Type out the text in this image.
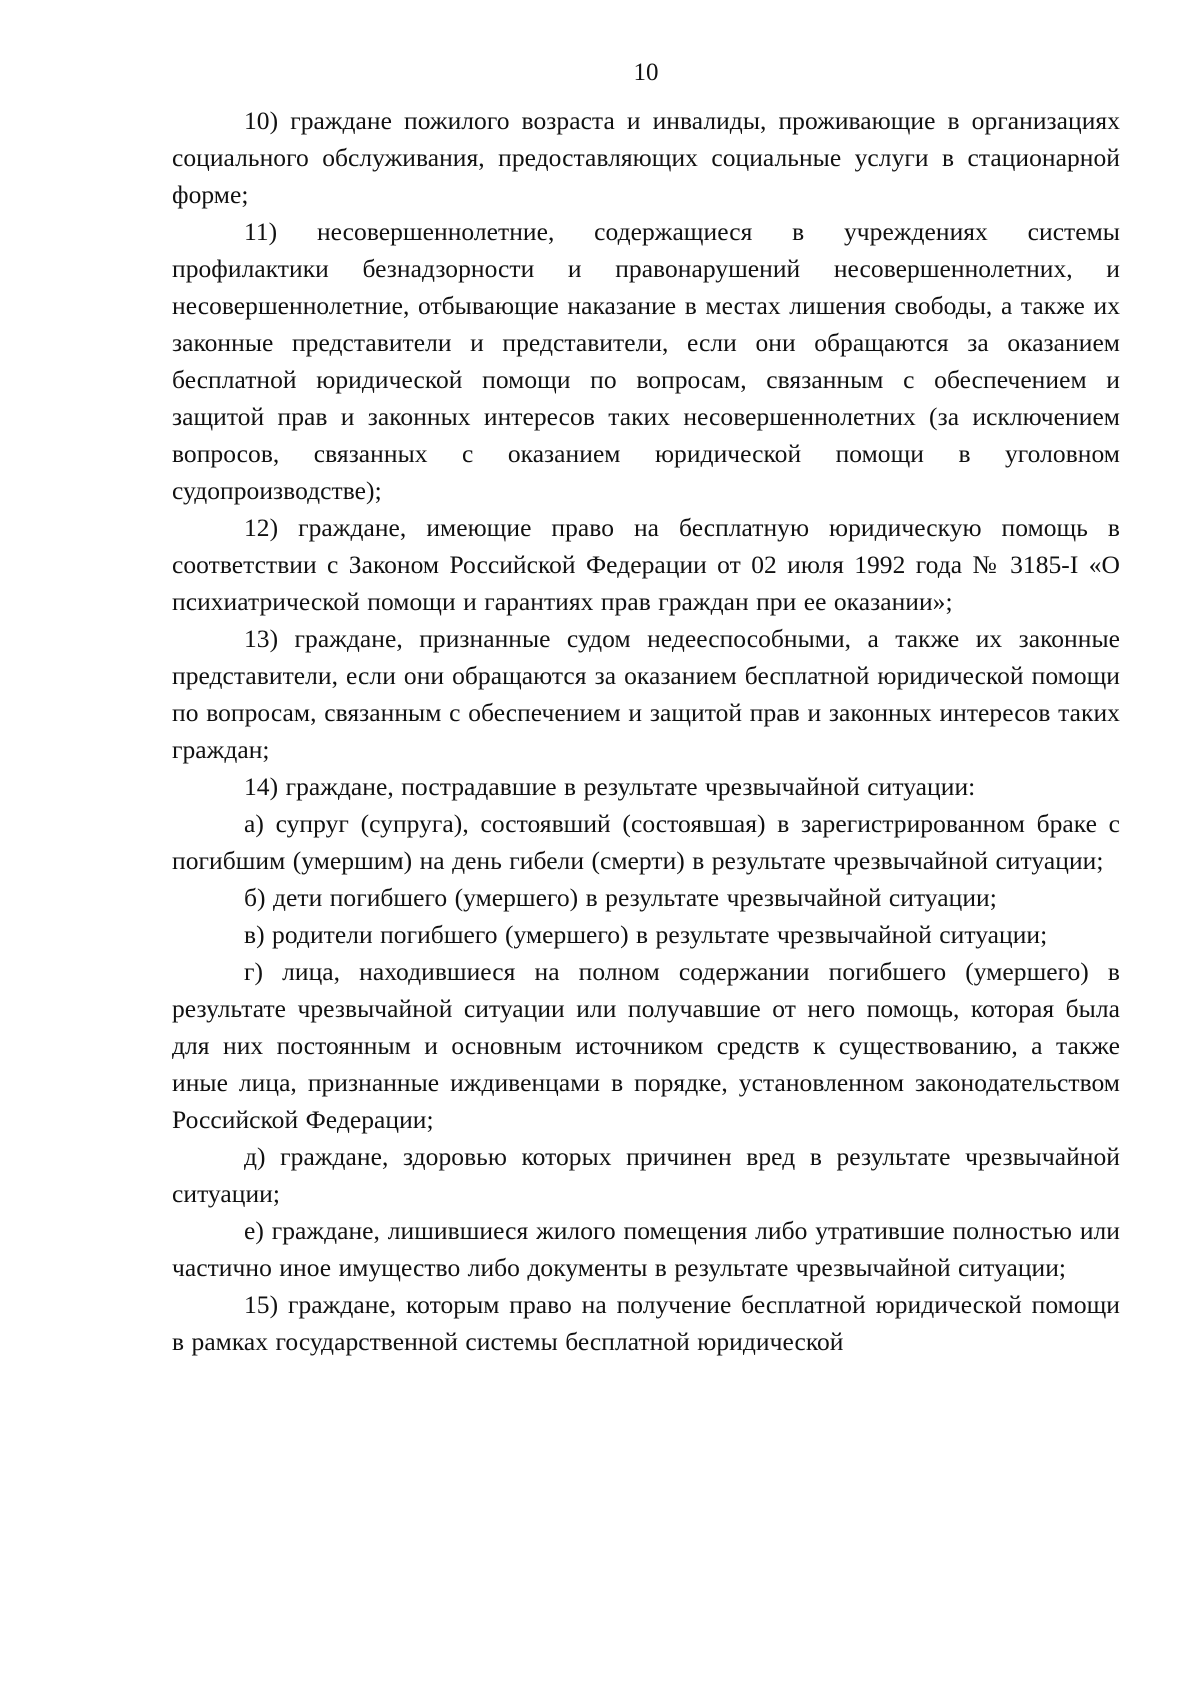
10

10) граждане пожилого возраста и инвалиды, проживающие в организациях социального обслуживания, предоставляющих социальные услуги в стационарной форме;

11) несовершеннолетние, содержащиеся в учреждениях системы профилактики безнадзорности и правонарушений несовершеннолетних, и несовершеннолетние, отбывающие наказание в местах лишения свободы, а также их законные представители и представители, если они обращаются за оказанием бесплатной юридической помощи по вопросам, связанным с обеспечением и защитой прав и законных интересов таких несовершеннолетних (за исключением вопросов, связанных с оказанием юридической помощи в уголовном судопроизводстве);

12) граждане, имеющие право на бесплатную юридическую помощь в соответствии с Законом Российской Федерации от 02 июля 1992 года № 3185-I «О психиатрической помощи и гарантиях прав граждан при ее оказании»;

13) граждане, признанные судом недееспособными, а также их законные представители, если они обращаются за оказанием бесплатной юридической помощи по вопросам, связанным с обеспечением и защитой прав и законных интересов таких граждан;

14) граждане, пострадавшие в результате чрезвычайной ситуации:

а) супруг (супруга), состоявший (состоявшая) в зарегистрированном браке с погибшим (умершим) на день гибели (смерти) в результате чрезвычайной ситуации;

б) дети погибшего (умершего) в результате чрезвычайной ситуации;

в) родители погибшего (умершего) в результате чрезвычайной ситуации;

г) лица, находившиеся на полном содержании погибшего (умершего) в результате чрезвычайной ситуации или получавшие от него помощь, которая была для них постоянным и основным источником средств к существованию, а также иные лица, признанные иждивенцами в порядке, установленном законодательством Российской Федерации;

д) граждане, здоровью которых причинен вред в результате чрезвычайной ситуации;

е) граждане, лишившиеся жилого помещения либо утратившие полностью или частично иное имущество либо документы в результате чрезвычайной ситуации;

15) граждане, которым право на получение бесплатной юридической помощи в рамках государственной системы бесплатной юридической
